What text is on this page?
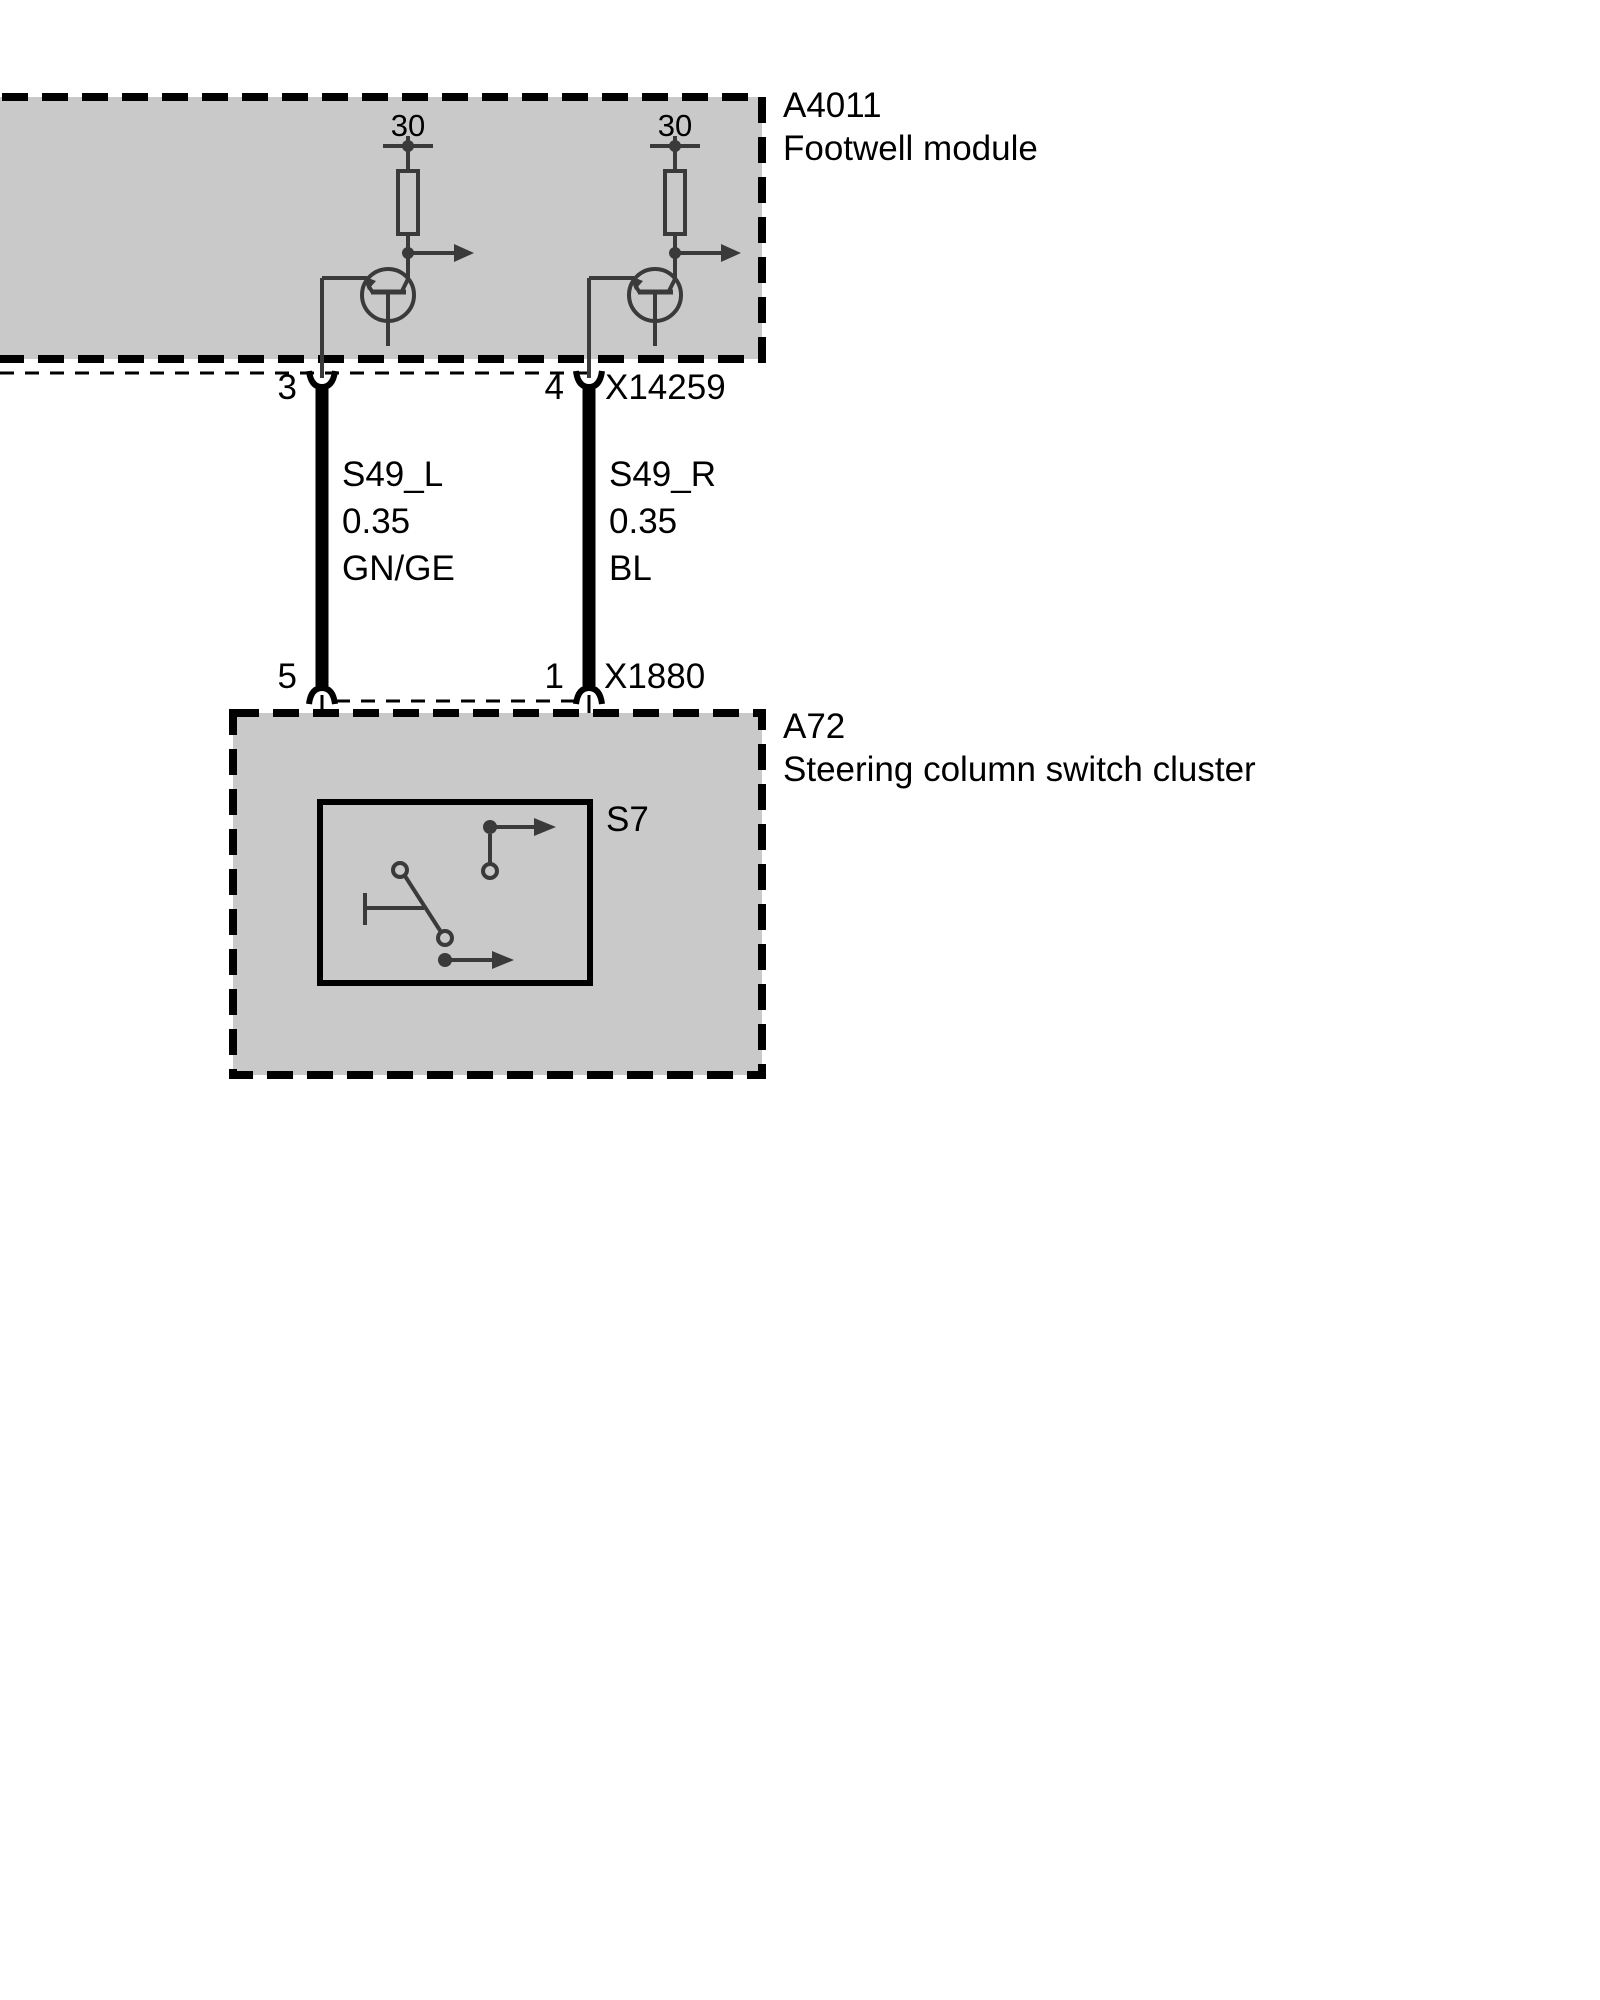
30	30
A4011
Footwell module
3	4 X14259
S49_L
0.35
GN/GE
S49_R
0.35
BL
5	1 X1880
A72
Steering column switch cluster
S7
